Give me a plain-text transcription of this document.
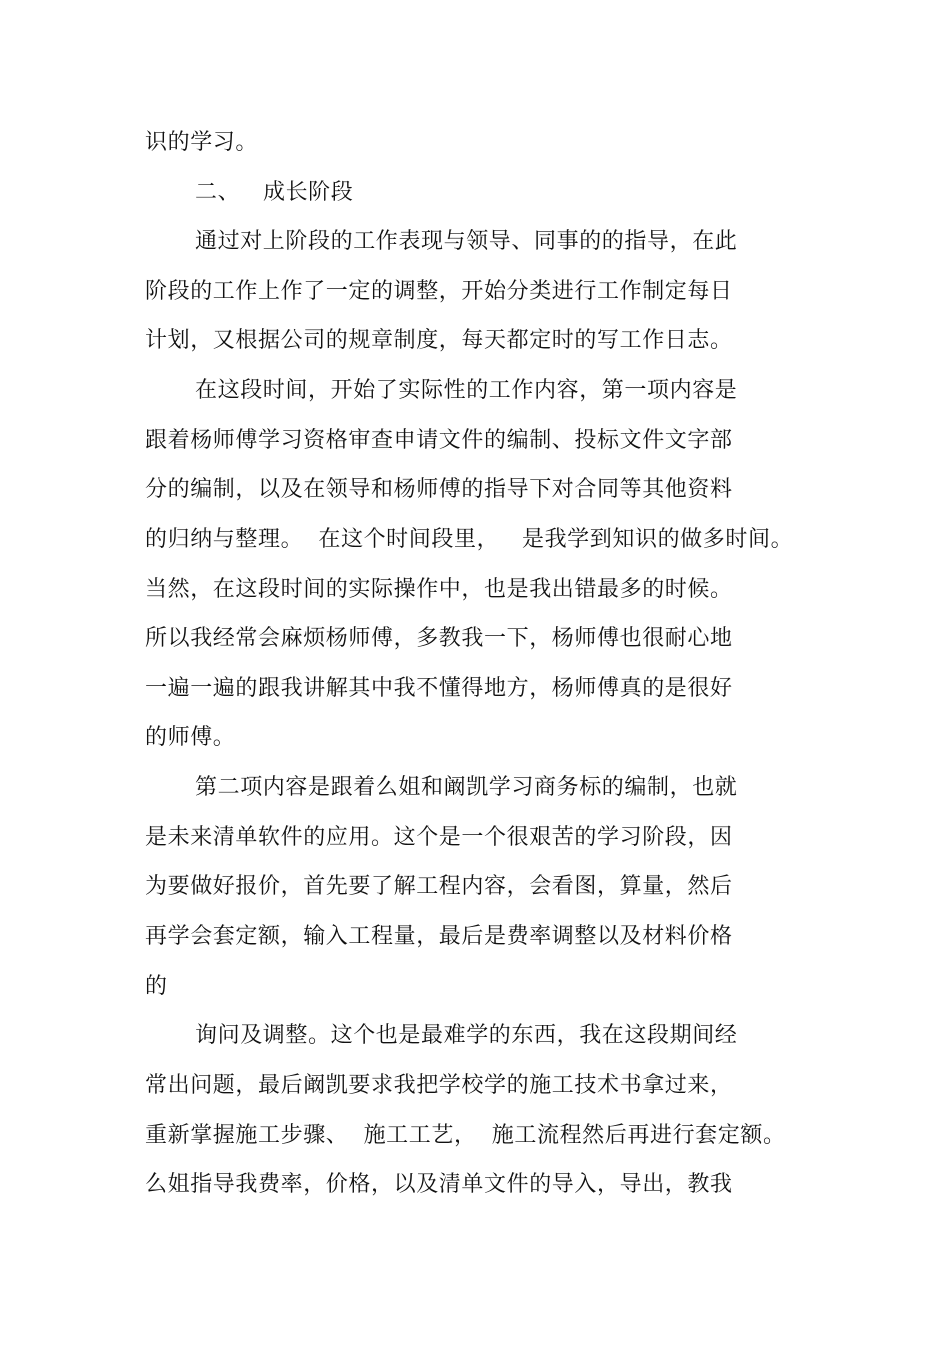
识的学习。
二、   成长阶段
通过对上阶段的工作表现与领导、同事的的指导，在此
阶段的工作上作了一定的调整，开始分类进行工作制定每日
计划，又根据公司的规章制度，每天都定时的写工作日志。
在这段时间，开始了实际性的工作内容，第一项内容是
跟着杨师傅学习资格审查申请文件的编制、投标文件文字部
分的编制，以及在领导和杨师傅的指导下对合同等其他资料
的归纳与整理。  在这个时间段里，   是我学到知识的做多时间。
当然，在这段时间的实际操作中，也是我出错最多的时候。
所以我经常会麻烦杨师傅，多教我一下，杨师傅也很耐心地
一遍一遍的跟我讲解其中我不懂得地方，杨师傅真的是很好
的师傅。
第二项内容是跟着么姐和阚凯学习商务标的编制，也就
是未来清单软件的应用。这个是一个很艰苦的学习阶段，因
为要做好报价，首先要了解工程内容，会看图，算量，然后
再学会套定额，输入工程量，最后是费率调整以及材料价格
的
询问及调整。这个也是最难学的东西，我在这段期间经
常出问题，最后阚凯要求我把学校学的施工技术书拿过来，
重新掌握施工步骤、  施工工艺，  施工流程然后再进行套定额。
么姐指导我费率，价格，以及清单文件的导入，导出，教我
